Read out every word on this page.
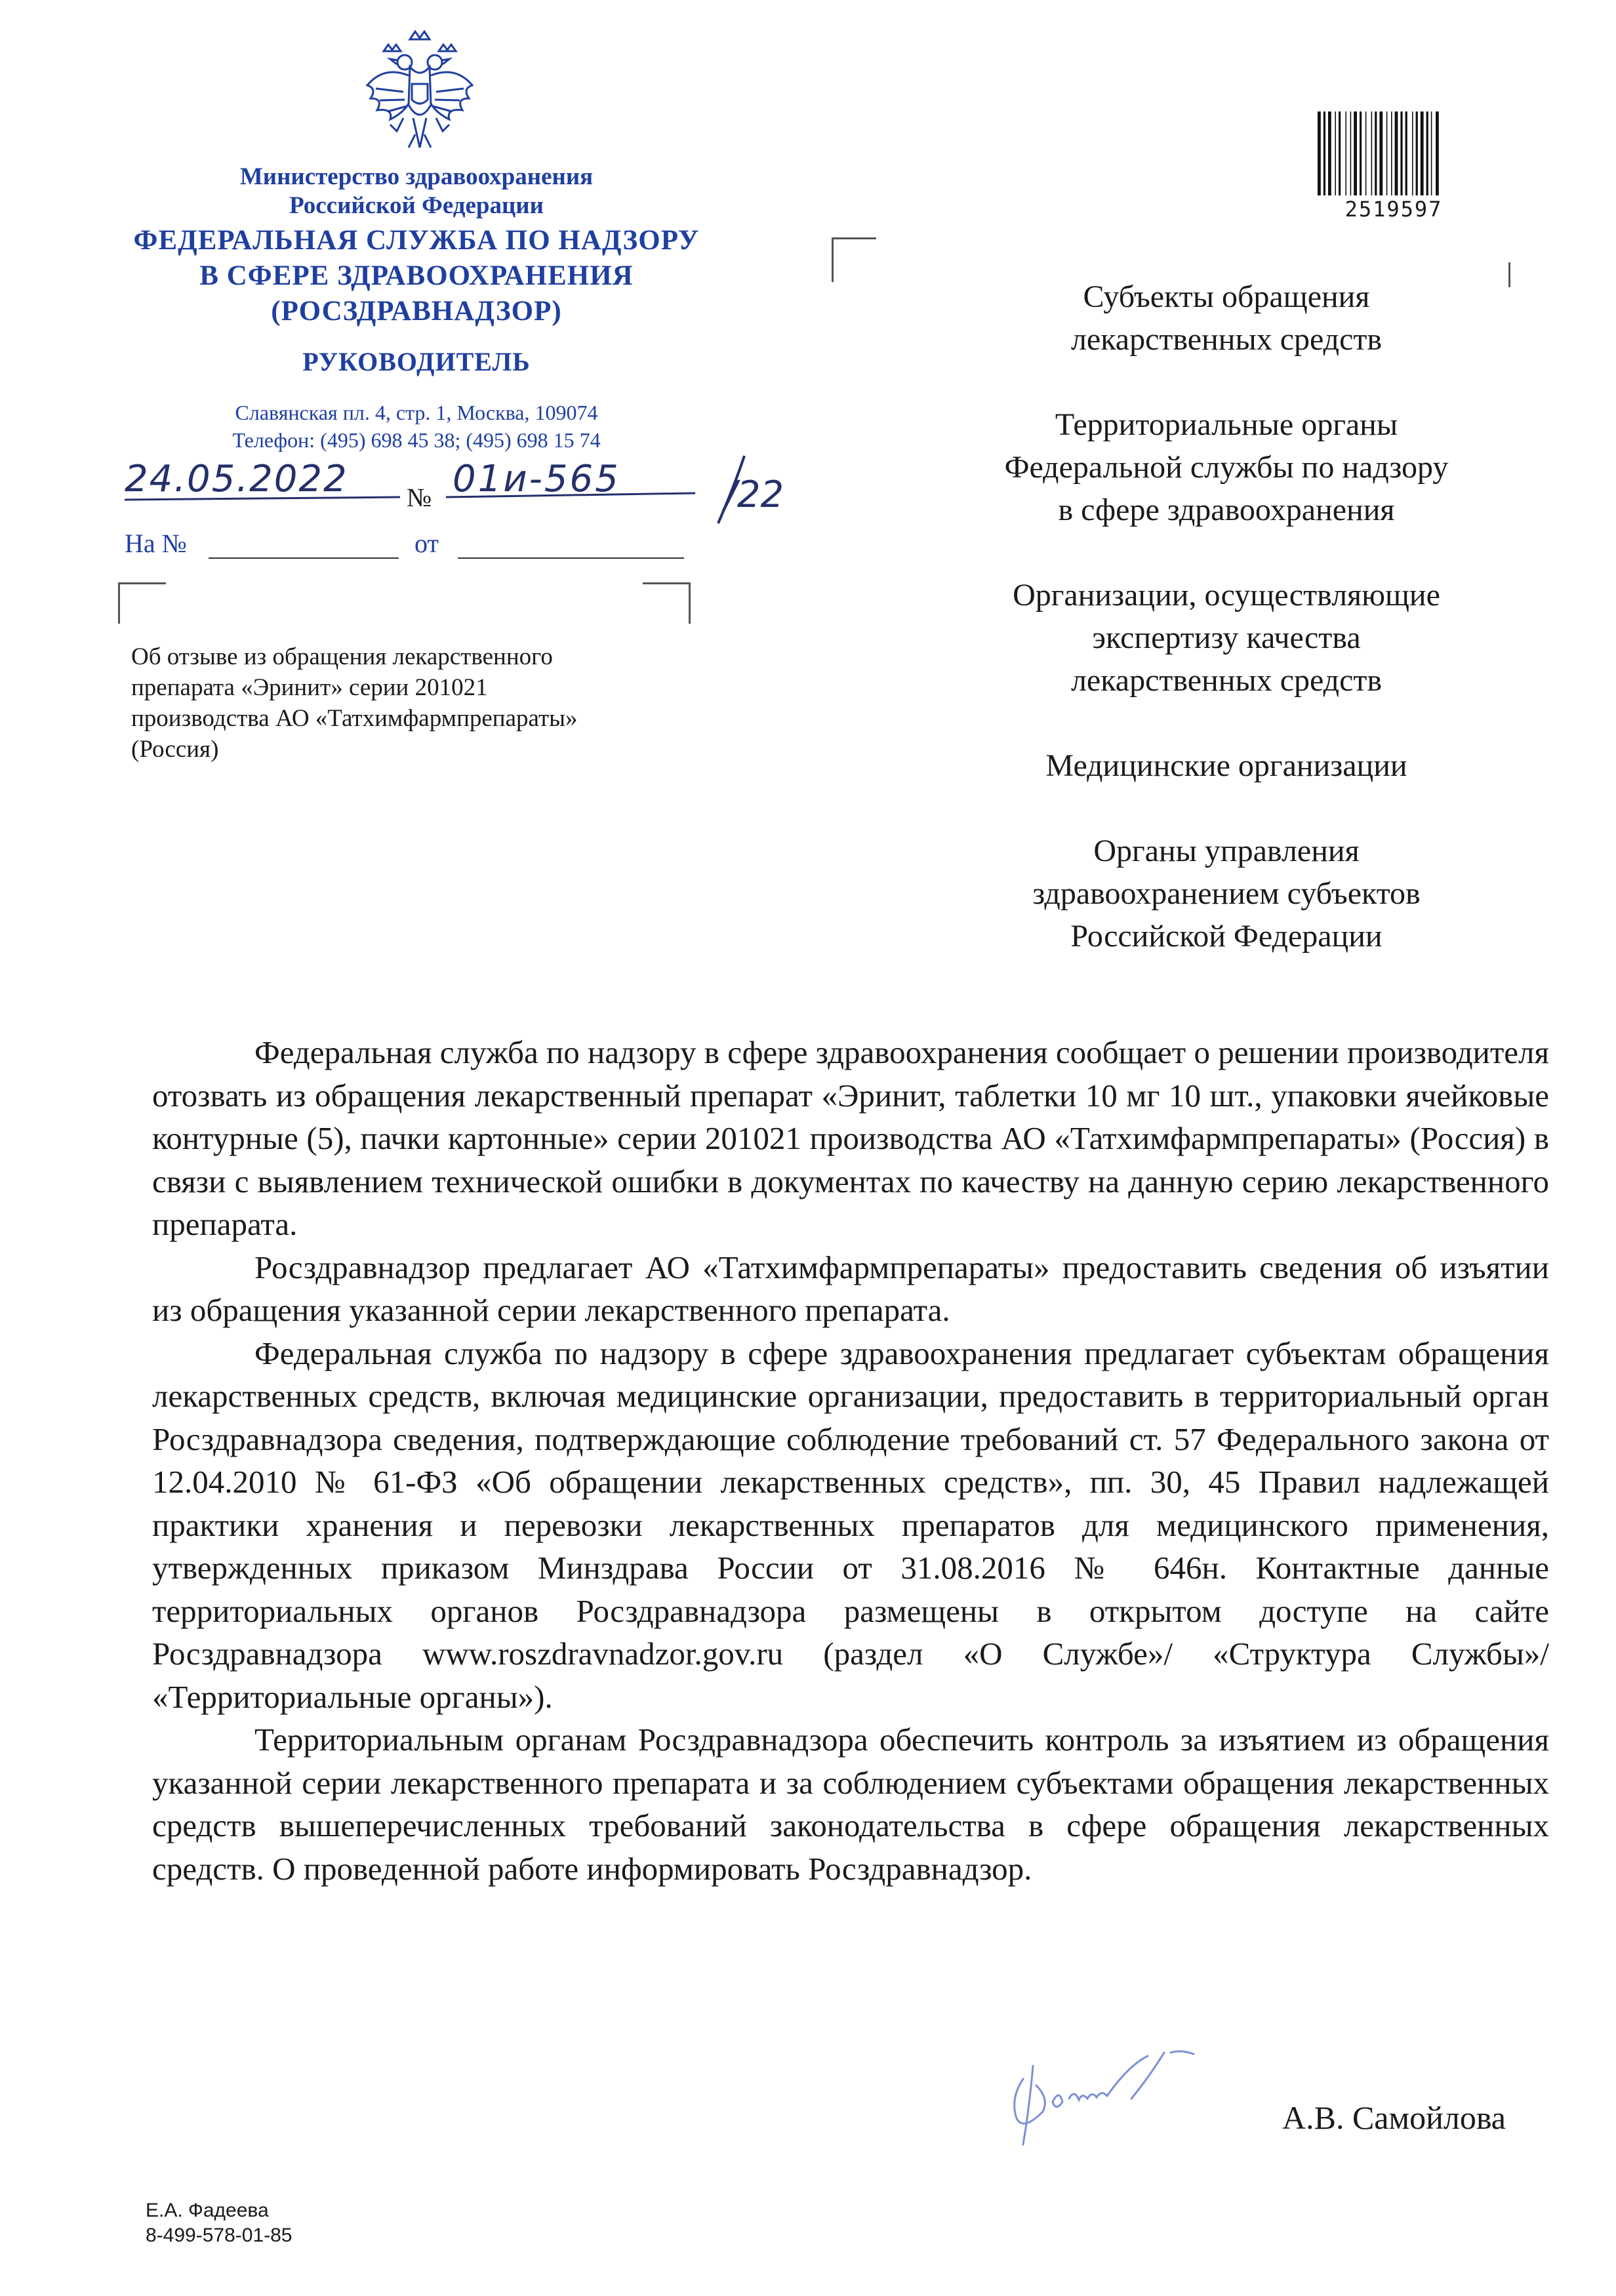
Министерство здравоохранения
Российской Федерации
ФЕДЕРАЛЬНАЯ СЛУЖБА ПО НАДЗОРУ
В СФЕРЕ ЗДРАВООХРАНЕНИЯ
(РОСЗДРАВНАДЗОР)
РУКОВОДИТЕЛЬ
Славянская пл. 4, стр. 1, Москва, 109074
Телефон: (495) 698 45 38; (495) 698 15 74
24.05.2022 № 01и-565	/22
На №	от
Об отзыве из обращения лекарственного
препарата «Эринит» серии 201021
производства АО «Татхимфармпрепараты»
(Россия)
2519597
Субъекты обращения
лекарственных средств
Территориальные органы
Федеральной службы по надзору
в сфере здравоохранения
Организации, осуществляющие
экспертизу качества
лекарственных средств
Медицинские организации
Органы управления
здравоохранением субъектов
Российской Федерации

Федеральная служба по надзору в сфере здравоохранения сообщает о решении производителя отозвать из обращения лекарственный препарат «Эринит, таблетки 10 мг 10 шт., упаковки ячейковые контурные (5), пачки картонные» серии 201021 производства АО «Татхимфармпрепараты» (Россия) в связи с выявлением технической ошибки в документах по качеству на данную серию лекарственного препарата.

Росздравнадзор предлагает АО «Татхимфармпрепараты» предоставить сведения об изъятии из обращения указанной серии лекарственного препарата.

Федеральная служба по надзору в сфере здравоохранения предлагает субъектам обращения лекарственных средств, включая медицинские организации, предоставить в территориальный орган Росздравнадзора сведения, подтверждающие соблюдение требований ст. 57 Федерального закона от 12.04.2010 № 61-ФЗ «Об обращении лекарственных средств», пп. 30, 45 Правил надлежащей практики хранения и перевозки лекарственных препаратов для медицинского применения, утвержденных приказом Минздрава России от 31.08.2016 № 646н. Контактные данные территориальных органов Росздравнадзора размещены в открытом доступе на сайте Росздравнадзора www.roszdravnadzor.gov.ru (раздел «О Службе»/ «Структура Службы»/ «Территориальные органы»).

Территориальным органам Росздравнадзора обеспечить контроль за изъятием из обращения указанной серии лекарственного препарата и за соблюдением субъектами обращения лекарственных средств вышеперечисленных требований законодательства в сфере обращения лекарственных средств. О проведенной работе информировать Росздравнадзор.

А.В. Самойлова
Е.А. Фадеева
8-499-578-01-85
